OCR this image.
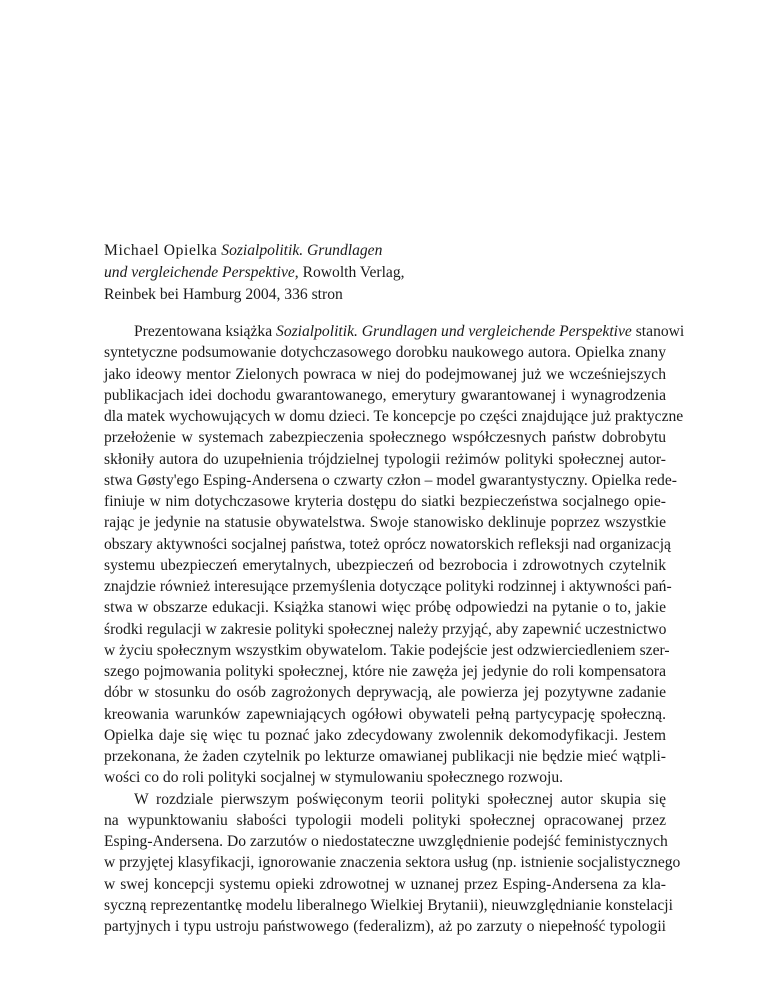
Michael Opielka Sozialpolitik. Grundlagen
und vergleichende Perspektive, Rowolth Verlag,
Reinbek bei Hamburg 2004, 336 stron
Prezentowana książka Sozialpolitik. Grundlagen und vergleichende Perspektive stanowi
syntetyczne podsumowanie dotychczasowego dorobku naukowego autora. Opielka znany
jako ideowy mentor Zielonych powraca w niej do podejmowanej już we wcześniejszych
publikacjach idei dochodu gwarantowanego, emerytury gwarantowanej i wynagrodzenia
dla matek wychowujących w domu dzieci. Te koncepcje po części znajdujące już praktyczne
przełożenie w systemach zabezpieczenia społecznego współczesnych państw dobrobytu
skłoniły autora do uzupełnienia trójdzielnej typologii reżimów polityki społecznej autor-
stwa Gøsty'ego Esping-Andersena o czwarty człon – model gwarantystyczny. Opielka rede-
finiuje w nim dotychczasowe kryteria dostępu do siatki bezpieczeństwa socjalnego opie-
rając je jedynie na statusie obywatelstwa. Swoje stanowisko deklinuje poprzez wszystkie
obszary aktywności socjalnej państwa, toteż oprócz nowatorskich refleksji nad organizacją
systemu ubezpieczeń emerytalnych, ubezpieczeń od bezrobocia i zdrowotnych czytelnik
znajdzie również interesujące przemyślenia dotyczące polityki rodzinnej i aktywności pań-
stwa w obszarze edukacji. Książka stanowi więc próbę odpowiedzi na pytanie o to, jakie
środki regulacji w zakresie polityki społecznej należy przyjąć, aby zapewnić uczestnictwo
w życiu społecznym wszystkim obywatelom. Takie podejście jest odzwierciedleniem szer-
szego pojmowania polityki społecznej, które nie zawęża jej jedynie do roli kompensatora
dóbr w stosunku do osób zagrożonych deprywacją, ale powierza jej pozytywne zadanie
kreowania warunków zapewniających ogółowi obywateli pełną partycypację społeczną.
Opielka daje się więc tu poznać jako zdecydowany zwolennik dekomodyfikacji. Jestem
przekonana, że żaden czytelnik po lekturze omawianej publikacji nie będzie mieć wątpli-
wości co do roli polityki socjalnej w stymulowaniu społecznego rozwoju.
W rozdziale pierwszym poświęconym teorii polityki społecznej autor skupia się
na wypunktowaniu słabości typologii modeli polityki społecznej opracowanej przez
Esping-Andersena. Do zarzutów o niedostateczne uwzględnienie podejść feministycznych
w przyjętej klasyfikacji, ignorowanie znaczenia sektora usług (np. istnienie socjalistycznego
w swej koncepcji systemu opieki zdrowotnej w uznanej przez Esping-Andersena za kla-
syczną reprezentantkę modelu liberalnego Wielkiej Brytanii), nieuwzględnianie konstelacji
partyjnych i typu ustroju państwowego (federalizm), aż po zarzuty o niepełność typologii
